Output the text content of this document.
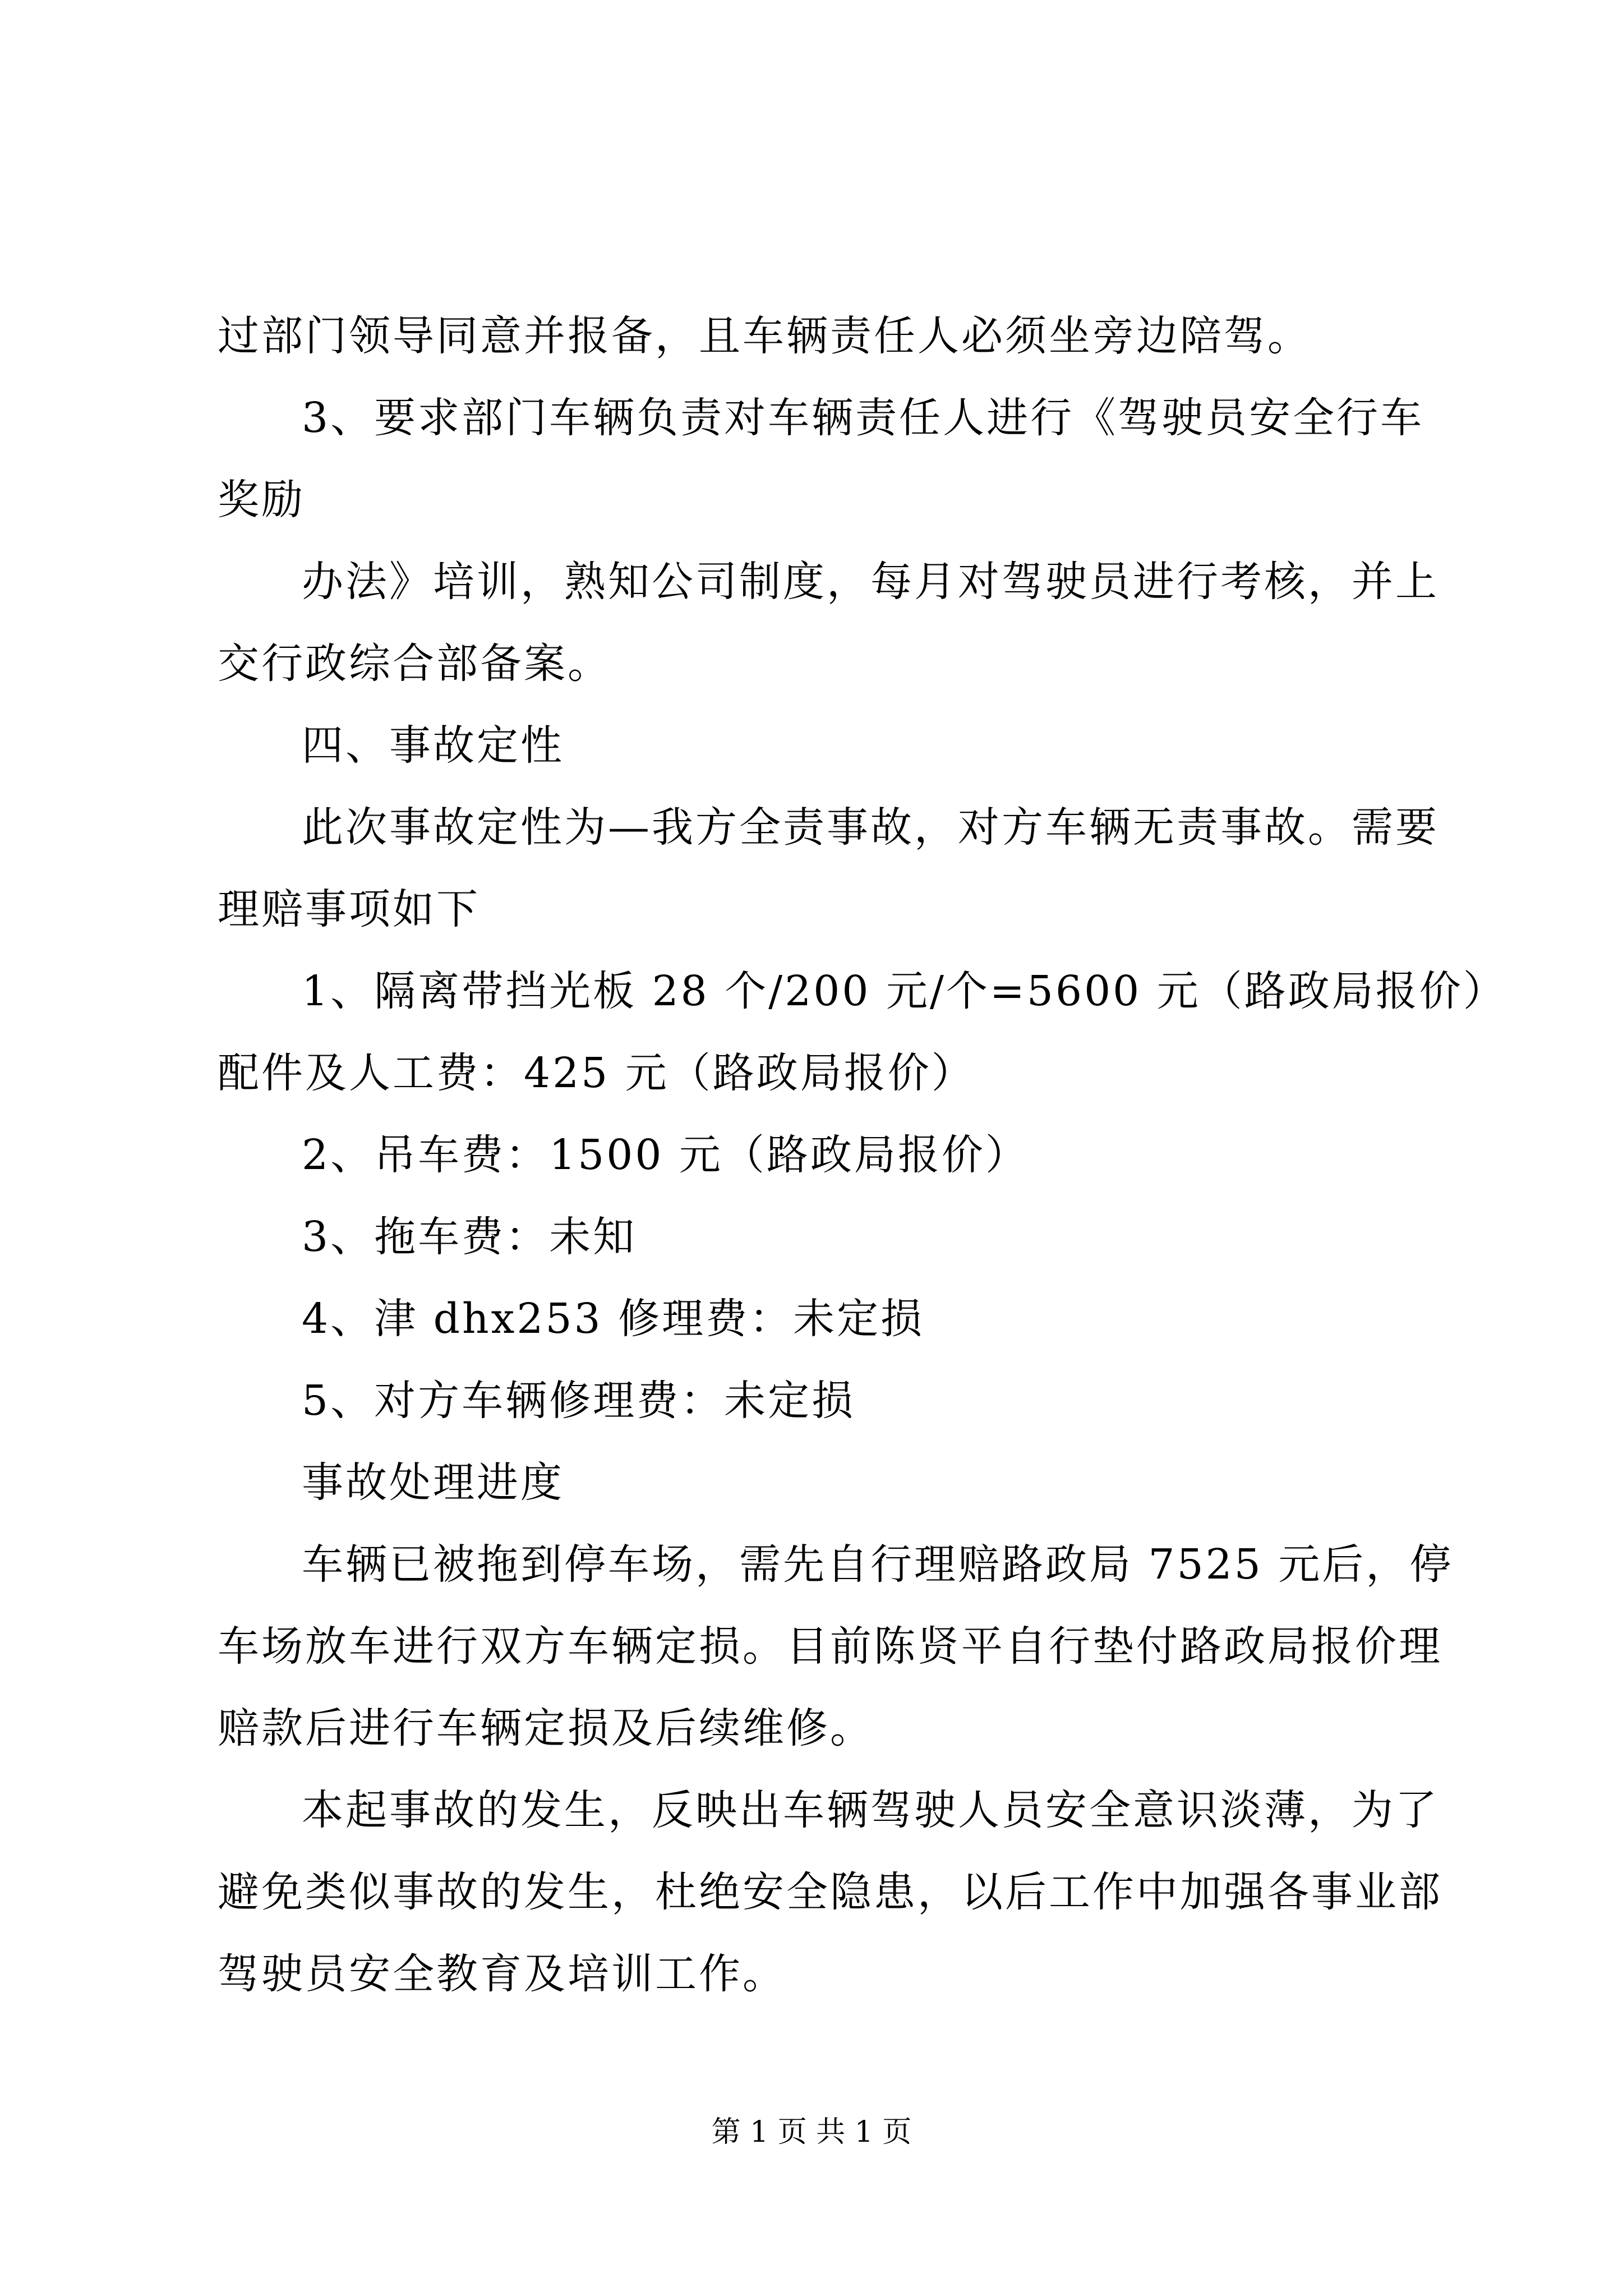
过部门领导同意并报备，且车辆责任人必须坐旁边陪驾。
3、要求部门车辆负责对车辆责任人进行《驾驶员安全行车
奖励
办法》培训，熟知公司制度，每月对驾驶员进行考核，并上
交行政综合部备案。
四、事故定性
此次事故定性为—我方全责事故，对方车辆无责事故。需要
理赔事项如下
1、隔离带挡光板 28 个/200 元/个=5600 元（路政局报价）
配件及人工费：425 元（路政局报价）
2、吊车费：1500 元（路政局报价）
3、拖车费：未知
4、津 dhx253 修理费：未定损
5、对方车辆修理费：未定损
事故处理进度
车辆已被拖到停车场，需先自行理赔路政局 7525 元后，停
车场放车进行双方车辆定损。目前陈贤平自行垫付路政局报价理
赔款后进行车辆定损及后续维修。
本起事故的发生，反映出车辆驾驶人员安全意识淡薄，为了
避免类似事故的发生，杜绝安全隐患，以后工作中加强各事业部
驾驶员安全教育及培训工作。
第 1 页 共 1 页
